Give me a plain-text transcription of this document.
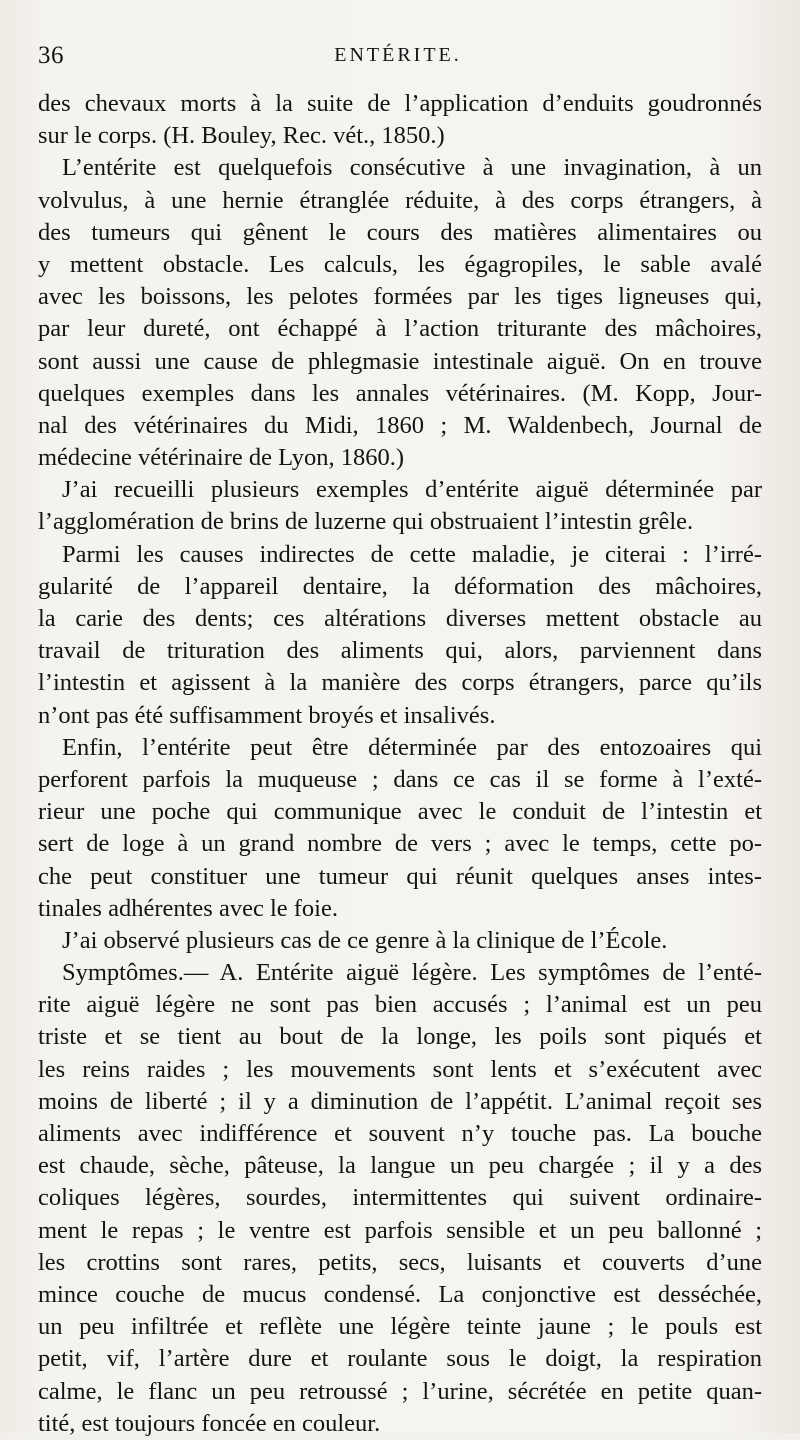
36	ENTÉRITE.
des chevaux morts à la suite de l’application d’enduits goudronnés
sur le corps. (H. Bouley, Rec. vét., 1850.)
L’entérite est quelquefois consécutive à une invagination, à un
volvulus, à une hernie étranglée réduite, à des corps étrangers, à
des tumeurs qui gênent le cours des matières alimentaires ou
y mettent obstacle. Les calculs, les égagropiles, le sable avalé
avec les boissons, les pelotes formées par les tiges ligneuses qui,
par leur dureté, ont échappé à l’action triturante des mâchoires,
sont aussi une cause de phlegmasie intestinale aiguë. On en trouve
quelques exemples dans les annales vétérinaires. (M. Kopp, Jour-
nal des vétérinaires du Midi, 1860 ; M. Waldenbech, Journal de
médecine vétérinaire de Lyon, 1860.)
J’ai recueilli plusieurs exemples d’entérite aiguë déterminée par
l’agglomération de brins de luzerne qui obstruaient l’intestin grêle.
Parmi les causes indirectes de cette maladie, je citerai : l’irré-
gularité de l’appareil dentaire, la déformation des mâchoires,
la carie des dents; ces altérations diverses mettent obstacle au
travail de trituration des aliments qui, alors, parviennent dans
l’intestin et agissent à la manière des corps étrangers, parce qu’ils
n’ont pas été suffisamment broyés et insalivés.
Enfin, l’entérite peut être déterminée par des entozoaires qui
perforent parfois la muqueuse ; dans ce cas il se forme à l’exté-
rieur une poche qui communique avec le conduit de l’intestin et
sert de loge à un grand nombre de vers ; avec le temps, cette po-
che peut constituer une tumeur qui réunit quelques anses intes-
tinales adhérentes avec le foie.
J’ai observé plusieurs cas de ce genre à la clinique de l’École.
Symptômes.— A. Entérite aiguë légère. Les symptômes de l’enté-
rite aiguë légère ne sont pas bien accusés ; l’animal est un peu
triste et se tient au bout de la longe, les poils sont piqués et
les reins raides ; les mouvements sont lents et s’exécutent avec
moins de liberté ; il y a diminution de l’appétit. L’animal reçoit ses
aliments avec indifférence et souvent n’y touche pas. La bouche
est chaude, sèche, pâteuse, la langue un peu chargée ; il y a des
coliques légères, sourdes, intermittentes qui suivent ordinaire-
ment le repas ; le ventre est parfois sensible et un peu ballonné ;
les crottins sont rares, petits, secs, luisants et couverts d’une
mince couche de mucus condensé. La conjonctive est desséchée,
un peu infiltrée et reflète une légère teinte jaune ; le pouls est
petit, vif, l’artère dure et roulante sous le doigt, la respiration
calme, le flanc un peu retroussé ; l’urine, sécrétée en petite quan-
tité, est toujours foncée en couleur.
